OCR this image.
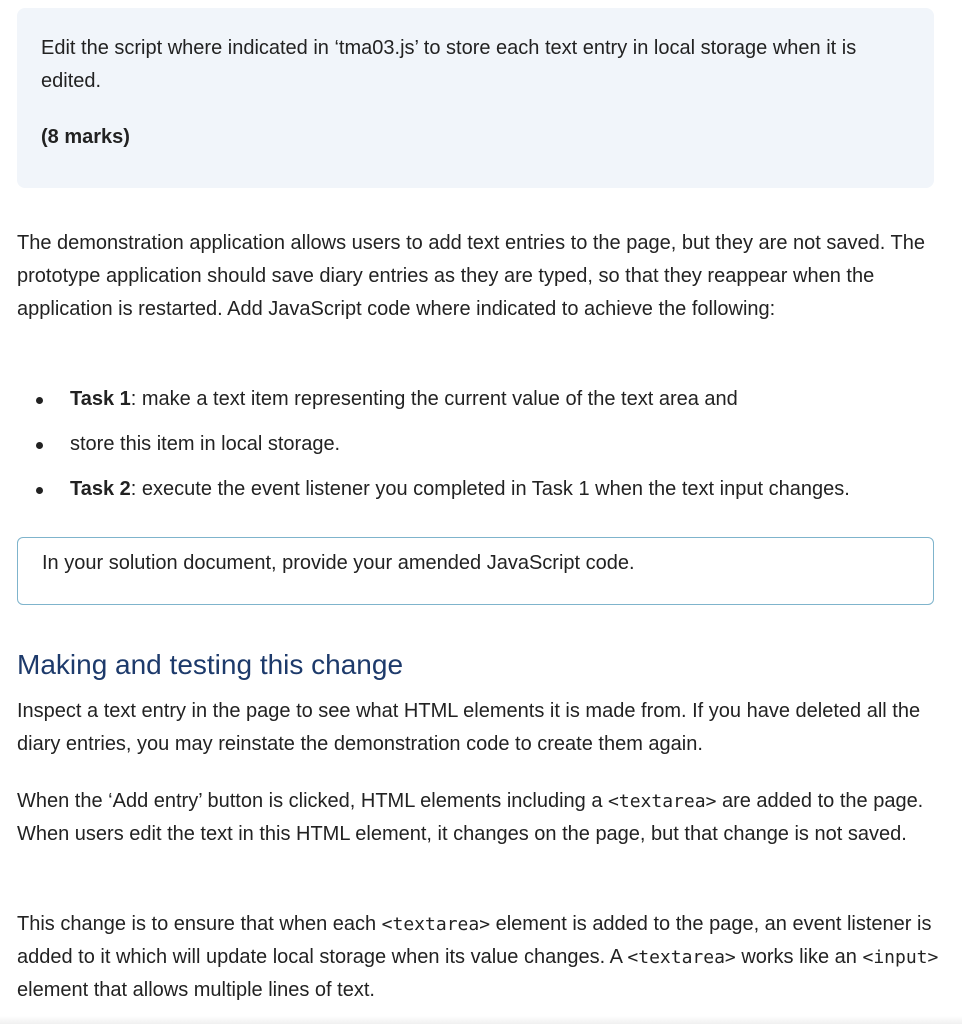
Edit the script where indicated in ‘tma03.js’ to store each text entry in local storage when it is edited.

(8 marks)

The demonstration application allows users to add text entries to the page, but they are not saved. The prototype application should save diary entries as they are typed, so that they reappear when the application is restarted. Add JavaScript code where indicated to achieve the following:

Task 1: make a text item representing the current value of the text area and
store this item in local storage.
Task 2: execute the event listener you completed in Task 1 when the text input changes.
In your solution document, provide your amended JavaScript code.
Making and testing this change

Inspect a text entry in the page to see what HTML elements it is made from. If you have deleted all the diary entries, you may reinstate the demonstration code to create them again.

When the ‘Add entry’ button is clicked, HTML elements including a <textarea> are added to the page. When users edit the text in this HTML element, it changes on the page, but that change is not saved.

This change is to ensure that when each <textarea> element is added to the page, an event listener is added to it which will update local storage when its value changes. A <textarea> works like an <input> element that allows multiple lines of text.
